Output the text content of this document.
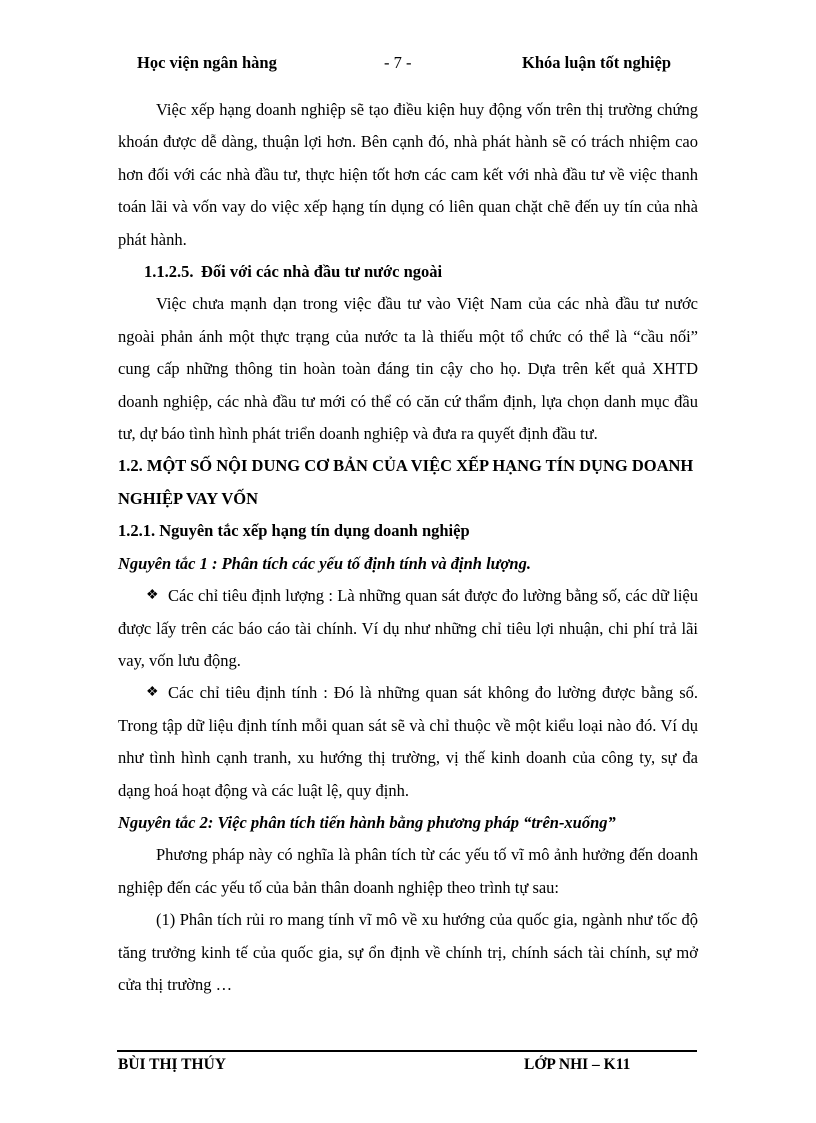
Học viện ngân hàng	- 7 -	Khóa luận tốt nghiệp

Việc xếp hạng doanh nghiệp sẽ tạo điều kiện huy động vốn trên thị trường chứng khoán được dễ dàng, thuận lợi hơn. Bên cạnh đó, nhà phát hành sẽ có trách nhiệm cao hơn đối với các nhà đầu tư, thực hiện tốt hơn các cam kết với nhà đầu tư về việc thanh toán lãi và vốn vay do việc xếp hạng tín dụng có liên quan chặt chẽ đến uy tín của nhà phát hành.

1.1.2.5. Đối với các nhà đầu tư nước ngoài

Việc chưa mạnh dạn trong việc đầu tư vào Việt Nam của các nhà đầu tư nước ngoài phản ánh một thực trạng của nước ta là thiếu một tổ chức có thể là “cầu nối” cung cấp những thông tin hoàn toàn đáng tin cậy cho họ. Dựa trên kết quả XHTD doanh nghiệp, các nhà đầu tư mới có thể có căn cứ thẩm định, lựa chọn danh mục đầu tư, dự báo tình hình phát triển doanh nghiệp và đưa ra quyết định đầu tư.

1.2. MỘT SỐ NỘI DUNG CƠ BẢN CỦA VIỆC XẾP HẠNG TÍN DỤNG DOANH NGHIỆP VAY VỐN

1.2.1. Nguyên tắc xếp hạng tín dụng doanh nghiệp

Nguyên tắc 1 : Phân tích các yếu tố định tính và định lượng.

❖ Các chỉ tiêu định lượng : Là những quan sát được đo lường bằng số, các dữ liệu được lấy trên các báo cáo tài chính. Ví dụ như những chỉ tiêu lợi nhuận, chi phí trả lãi vay, vốn lưu động.

❖ Các chỉ tiêu định tính : Đó là những quan sát không đo lường được bằng số. Trong tập dữ liệu định tính mỗi quan sát sẽ và chỉ thuộc về một kiểu loại nào đó. Ví dụ như tình hình cạnh tranh, xu hướng thị trường, vị thế kinh doanh của công ty, sự đa dạng hoá hoạt động và các luật lệ, quy định.

Nguyên tắc 2: Việc phân tích tiến hành bằng phương pháp “trên-xuống”

Phương pháp này có nghĩa là phân tích từ các yếu tố vĩ mô ảnh hưởng đến doanh nghiệp đến các yếu tố của bản thân doanh nghiệp theo trình tự sau:

(1) Phân tích rủi ro mang tính vĩ mô về xu hướng của quốc gia, ngành như tốc độ tăng trưởng kinh tế của quốc gia, sự ổn định về chính trị, chính sách tài chính, sự mở cửa thị trường …

BÙI THỊ THÚY	LỚP NHI – K11
